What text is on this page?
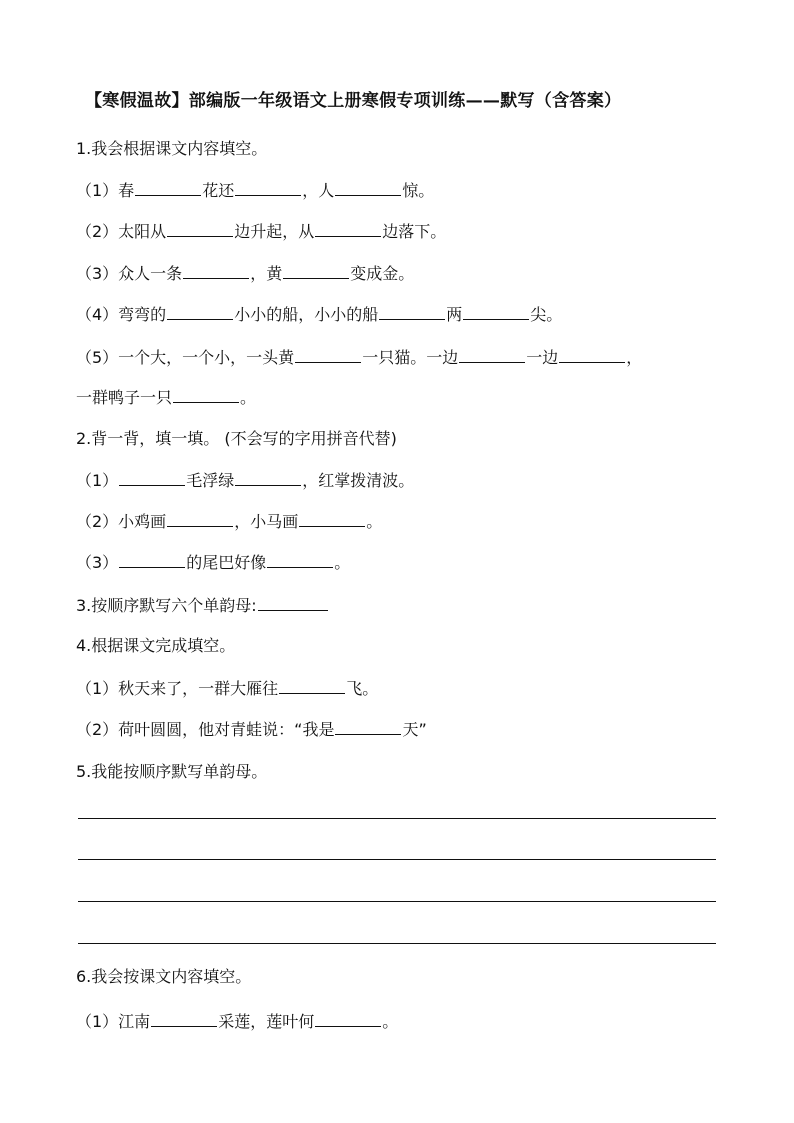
【寒假温故】部编版一年级语文上册寒假专项训练——默写（含答案）
1.我会根据课文内容填空。
（1）春	花还	，人	惊。
（2）太阳从	边升起，从	边落下。
（3）众人一条	，黄	变成金。
（4）弯弯的	小小的船，小小的船	两	尖。
（5）一个大，一个小，一头黄	一只猫。一边	一边	，
一群鸭子一只	。
2.背一背，填一填。 (不会写的字用拼音代替)
（1）	毛浮绿	，红掌拨清波。
（2）小鸡画	，小马画	。
（3）	的尾巴好像	。
3.按顺序默写六个单韵母:
4.根据课文完成填空。
（1）秋天来了，一群大雁往	飞。
（2）荷叶圆圆，他对青蛙说：“我是	天”
5.我能按顺序默写单韵母。
6.我会按课文内容填空。
（1）江南	采莲，莲叶何	。
